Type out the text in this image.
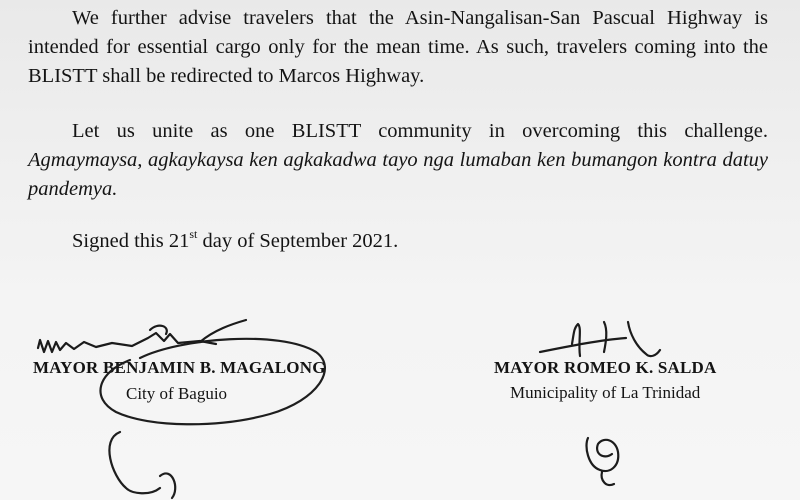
We further advise travelers that the Asin-Nangalisan-San Pascual Highway is
intended for essential cargo only for the mean time. As such, travelers coming into the
BLISTT shall be redirected to Marcos Highway.

Let us unite as one BLISTT community in overcoming this challenge.
Agmaymaysa, agkaykaysa ken agkakadwa tayo nga lumaban ken bumangon kontra datuy
pandemya.

Signed this 21st day of September 2021.

MAYOR BENJAMIN B. MAGALONG
City of Baguio
MAYOR ROMEO K. SALDA
Municipality of La Trinidad
